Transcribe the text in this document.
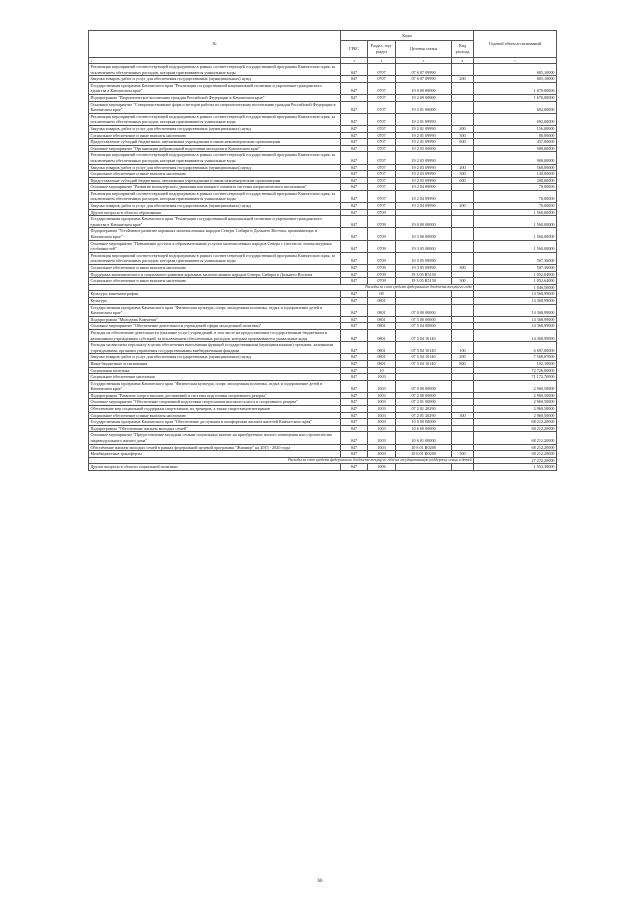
№	Коды				Годовой объем ассигнований
	ГРБС	Раздел, под-раздел	Целевая статья	Вид расхода	
1	3	4	5	6	7
Реализация мероприятий соответствующей подпрограммы в рамках соответствующей государственной программы Камчатского края, за исключением обеспеченных расходов, которым присваиваются уникальные коды	847	0707	07 6 07 09990		605,10000
Закупка товаров, работ и услуг для обеспечения государственных (муниципальных) нужд	847	0707	07 6 07 09990	200	605,10000
Государственная программа Камчатского края "Реализация государственной национальной политики и укрепление гражданского единства в Камчатском крае"	847	0707	19 0 00 00000		1 670,00000
Подпрограмма "Патриотическое воспитание граждан Российской Федерации в Камчатском крае"	847	0707	19 2 00 00000		1 670,00000
Основное мероприятие "Совершенствование форм и методов работы по патриотическому воспитанию граждан Российской Федерации в Камчатском крае"	847	0707	19 2 01 00000		692,00000
Реализация мероприятий соответствующей подпрограммы в рамках соответствующей государственной программы Камчатского края, за исключением обеспеченных расходов, которым присваиваются уникальные коды	847	0707	19 2 01 09990		692,00000
Закупка товаров, работ и услуг для обеспечения государственных (муниципальных) нужд	847	0707	19 2 01 09990	200	156,00000
Социальное обеспечение и иные выплаты населению	847	0707	19 2 01 09990	300	80,00000
Предоставление субсидий бюджетным, автономным учреждениям и иным некоммерческим организациям	847	0707	19 2 01 09990	600	457,00000
Основное мероприятие "Организация добровольной подготовки молодежи в Камчатском крае"	847	0707	19 2 03 00000		908,00000
Реализация мероприятий соответствующей подпрограммы в рамках соответствующей государственной программы Камчатского края, за исключением обеспеченных расходов, которым присваиваются уникальные коды	847	0707	19 2 03 09990		908,00000
Закупка товаров, работ и услуг для обеспечения государственных (муниципальных) нужд	847	0707	19 2 03 09990	200	568,00000
Социальное обеспечение и иные выплаты населению	847	0707	19 2 03 09990	300	140,00000
Предоставление субсидий бюджетным, автономным учреждениям и иным некоммерческим организациям	847	0707	19 2 03 09990	600	200,00000
Основное мероприятие "Развитие волонтерского движения как важного элемента системы патриотического воспитания"	847	0707	19 2 04 00000		70,00000
Реализация мероприятий соответствующей подпрограммы в рамках соответствующей государственной программы Камчатского края, за исключением обеспеченных расходов, которым присваиваются уникальные коды	847	0707	19 2 04 09990		70,00000
Закупка товаров, работ и услуг для обеспечения государственных (муниципальных) нужд	847	0707	19 2 04 09990	200	70,00000
Другие вопросы в области образования	847	0709			1 560,00000
Государственная программа Камчатского края "Реализация государственной национальной политики и укрепление гражданского единства в Камчатском крае"	847	0709	19 0 00 00000		1 560,00000
Подпрограмма "Устойчивое развитие коренных малочисленных народов Севера, Сибири и Дальнего Востока, проживающих в Камчатском крае"	847	0709	19 3 00 00000		1 560,00000
Основное мероприятие "Повышение доступа к образовательным услугам малочисленных народов Севера с учетом их этнокультурных особенностей"	847	0709	19 3 05 00000		1 560,00000
Реализация мероприятий соответствующей подпрограммы в рамках соответствующей государственной программы Камчатского края, за исключением обеспеченных расходов, которым присваиваются уникальные коды	847	0709	19 3 05 09990		507,36000
Социальное обеспечение и иные выплаты населению	847	0709	19 3 05 09990	300	507,36000
Поддержка экономического и социального развития коренных малочисленных народов Севера, Сибири и Дальнего Востока	847	0709	19 3 05 R5150		1 052,64000
Социальное обеспечение и иные выплаты населению	847	0709	19 3 05 R5150	300	1 052,64000
Расходы за счет средств федерального бюджета текущего года					1 046,50000
Культура, кинематография	847	08			14 368,99000
Культура	847	0801			14 368,99000
Государственная программа Камчатского края "Физическая культура, спорт, молодежная политика, отдых и оздоровление детей в Камчатском крае"	847	0801	07 0 00 00000		14 368,99000
Подпрограмма "Молодежь Камчатки"	847	0801	07 5 00 00000		14 368,99000
Основное мероприятие "Обеспечение деятельности учреждений сферы молодежной политики"	847	0801	07 5 04 00000		14 368,99000
Расходы на обеспечение деятельности (оказание услуг) учреждений, в том числе на предоставление государственным бюджетным и автономным учреждениям субсидий, за исключением обеспеченных расходов, которым присваиваются уникальные коды	847	0801	07 5 04 10140		14 368,99000
Расходы на выплаты персоналу в целях обеспечения выполнения функций государственными (муниципальными) органами, казенными учреждениями, органами управления государственными внебюджетными фондами	847	0801	07 5 04 10140	100	6 697,00000
Закупка товаров, работ и услуг для обеспечения государственных (муниципальных) нужд	847	0801	07 5 04 10140	200	7 569,07000
Иные бюджетные ассигнования	847	0801	07 5 04 10140	800	102,10000
Социальная политика	847	10			72 726,00000
Социальное обеспечение населения	847	1003			71 172,70000
Государственная программа Камчатского края "Физическая культура, спорт, молодежная политика, отдых и оздоровление детей в Камчатском крае"	847	1003	07 0 00 00000		2 960,50000
Подпрограмма "Развитие спорта высших достижений и системы подготовки спортивного резерва"	847	1003	07 2 00 00000		2 960,50000
Основное мероприятие "Обеспечение спортивной подготовки спортсменов высокого класса и спортивного резерва"	847	1003	07 2 01 00000		2 960,50000
Обеспечение мер социальной поддержки спортсменов, их тренеров, а также спортсменов-ветеранов	847	1003	07 2 01 20290		2 960,50000
Социальное обеспечение и иные выплаты населению	847	1003	07 2 01 20290	300	2 960,50000
Государственная программа Камчатского края "Обеспечение доступным и комфортным жильем жителей Камчатского края"	847	1003	10 0 00 00000		68 212,20000
Подпрограмма "Обеспечение жильем молодых семей"	847	1003	10 6 00 00000		68 212,20000
Основное мероприятие "Предоставление молодым семьям социальных выплат на приобретение жилого помещения или строительство индивидуального жилого дома"	847	1003	10 6 01 00000		68 212,20000
Обеспечение жильем молодых семей в рамках федеральной целевой программы "Жилище" на 2015 - 2020 годы	847	1003	10 6 01 R0200		68 212,20000
Межбюджетные трансферты	847	1003	10 6 01 R0200	500	68 212,20000
Расходы за счет средств федерального бюджета текущего года на государственную поддержку семьи и детей					27 272,20000
Другие вопросы в области социальной политики	847	1006			1 553,30000
66
